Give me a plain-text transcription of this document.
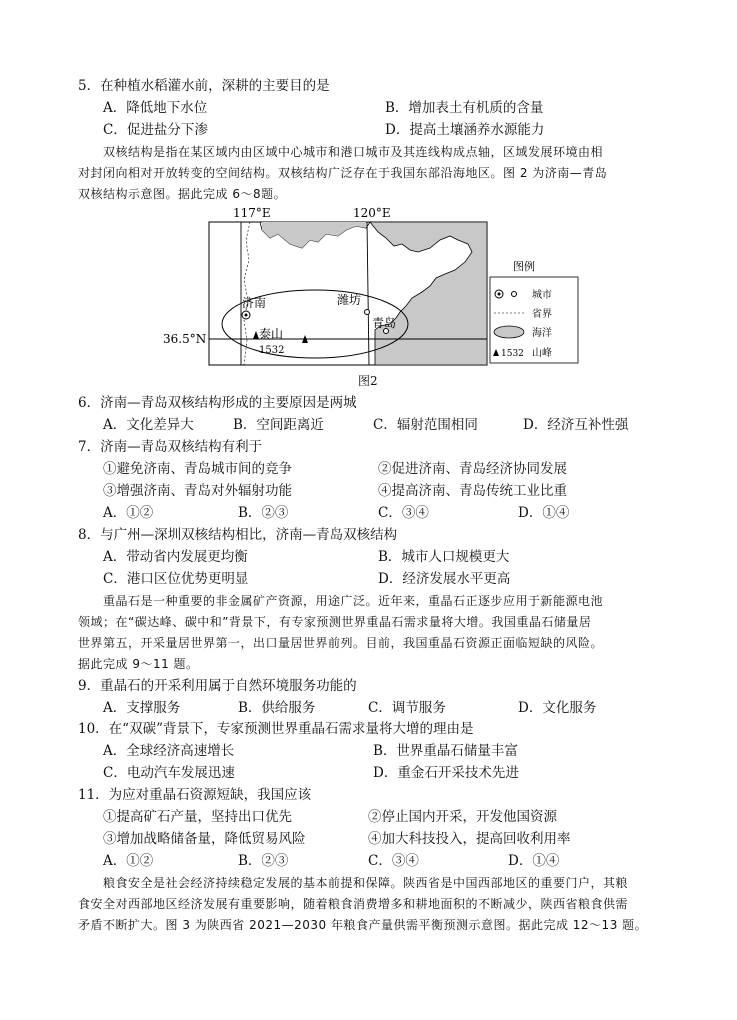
5．在种植水稻灌水前，深耕的主要目的是
A．降低地下水位	B．增加表土有机质的含量
C．促进盐分下渗	D．提高土壤涵养水源能力
双核结构是指在某区域内由区域中心城市和港口城市及其连线构成点轴，区域发展环境由相
对封闭向相对开放转变的空间结构。双核结构广泛存在于我国东部沿海地区。图 2 为济南—青岛
双核结构示意图。据此完成 6～8题。
117°E	120°E
济南	潍坊
青岛
泰山
1532
36.5°N
图例
城市
省界
海洋
1532 山峰
图2
6．济南—青岛双核结构形成的主要原因是两城
A．文化差异大	B．空间距离近	C．辐射范围相同	D．经济互补性强
7．济南—青岛双核结构有利于
①避免济南、青岛城市间的竞争	②促进济南、青岛经济协同发展
③增强济南、青岛对外辐射功能	④提高济南、青岛传统工业比重
A．①②	B．②③	C．③④	D．①④
8．与广州—深圳双核结构相比，济南—青岛双核结构
A．带动省内发展更均衡	B．城市人口规模更大
C．港口区位优势更明显	D．经济发展水平更高
重晶石是一种重要的非金属矿产资源，用途广泛。近年来，重晶石正逐步应用于新能源电池
领域；在“碳达峰、碳中和”背景下，有专家预测世界重晶石需求量将大增。我国重晶石储量居
世界第五，开采量居世界第一，出口量居世界前列。目前，我国重晶石资源正面临短缺的风险。
据此完成 9～11 题。
9．重晶石的开采利用属于自然环境服务功能的
A．支撑服务	B．供给服务	C．调节服务	D．文化服务
10．在“双碳”背景下，专家预测世界重晶石需求量将大增的理由是
A．全球经济高速增长	B．世界重晶石储量丰富
C．电动汽车发展迅速	D．重金石开采技术先进
11．为应对重晶石资源短缺，我国应该
①提高矿石产量，坚持出口优先	②停止国内开采，开发他国资源
③增加战略储备量，降低贸易风险	④加大科技投入，提高回收利用率
A．①②	B．②③	C．③④	D．①④
粮食安全是社会经济持续稳定发展的基本前提和保障。陕西省是中国西部地区的重要门户，其粮
食安全对西部地区经济发展有重要影响，随着粮食消费增多和耕地面积的不断减少，陕西省粮食供需
矛盾不断扩大。图 3 为陕西省 2021—2030 年粮食产量供需平衡预测示意图。据此完成 12～13 题。
